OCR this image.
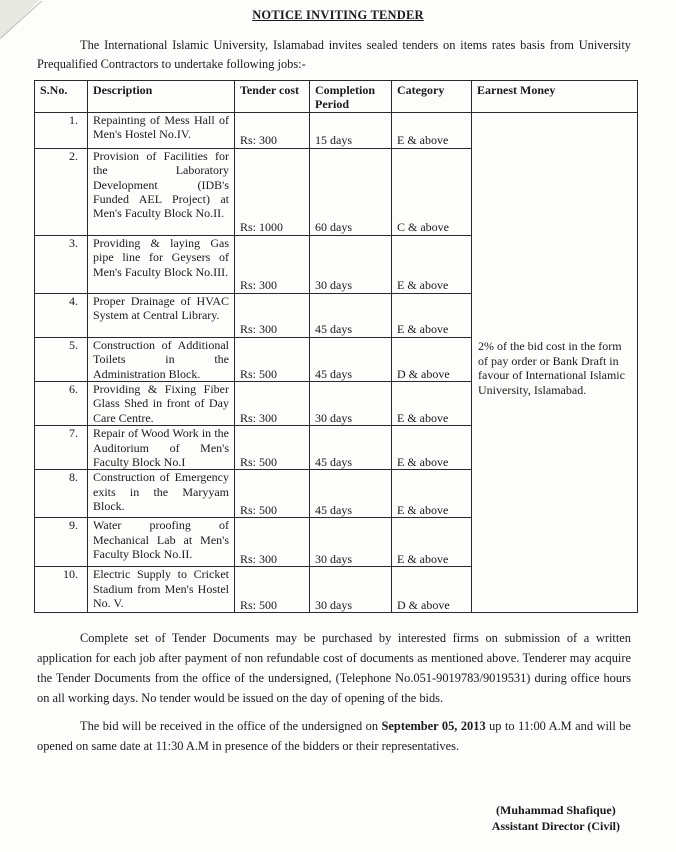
NOTICE INVITING TENDER
The International Islamic University, Islamabad invites sealed tenders on items rates basis from University Prequalified Contractors to undertake following jobs:-
S.No.	Description	Tender cost	Completion Period	Category	Earnest Money
1.	Repainting of Mess Hall of Men's Hostel No.IV.	Rs: 300	15 days	E & above	2% of the bid cost in the form of pay order or Bank Draft in favour of International Islamic University, Islamabad.
2.	Provision of Facilities for the Laboratory Development (IDB's Funded AEL Project) at Men's Faculty Block No.II.	Rs: 1000	60 days	C & above	
3.	Providing & laying Gas pipe line for Geysers of Men's Faculty Block No.III.	Rs: 300	30 days	E & above	
4.	Proper Drainage of HVAC System at Central Library.	Rs: 300	45 days	E & above	
5.	Construction of Additional Toilets in the Administration Block.	Rs: 500	45 days	D & above	
6.	Providing & Fixing Fiber Glass Shed in front of Day Care Centre.	Rs: 300	30 days	E & above	
7.	Repair of Wood Work in the Auditorium of Men's Faculty Block No.I	Rs: 500	45 days	E & above	
8.	Construction of Emergency exits in the Maryyam Block.	Rs: 500	45 days	E & above	
9.	Water proofing of Mechanical Lab at Men's Faculty Block No.II.	Rs: 300	30 days	E & above	
10.	Electric Supply to Cricket Stadium from Men's Hostel No. V.	Rs: 500	30 days	D & above	
Complete set of Tender Documents may be purchased by interested firms on submission of a written application for each job after payment of non refundable cost of documents as mentioned above. Tenderer may acquire the Tender Documents from the office of the undersigned, (Telephone No.051-9019783/9019531) during office hours on all working days. No tender would be issued on the day of opening of the bids.
The bid will be received in the office of the undersigned on September 05, 2013 up to 11:00 A.M and will be opened on same date at 11:30 A.M in presence of the bidders or their representatives.
(Muhammad Shafique)
Assistant Director (Civil)
